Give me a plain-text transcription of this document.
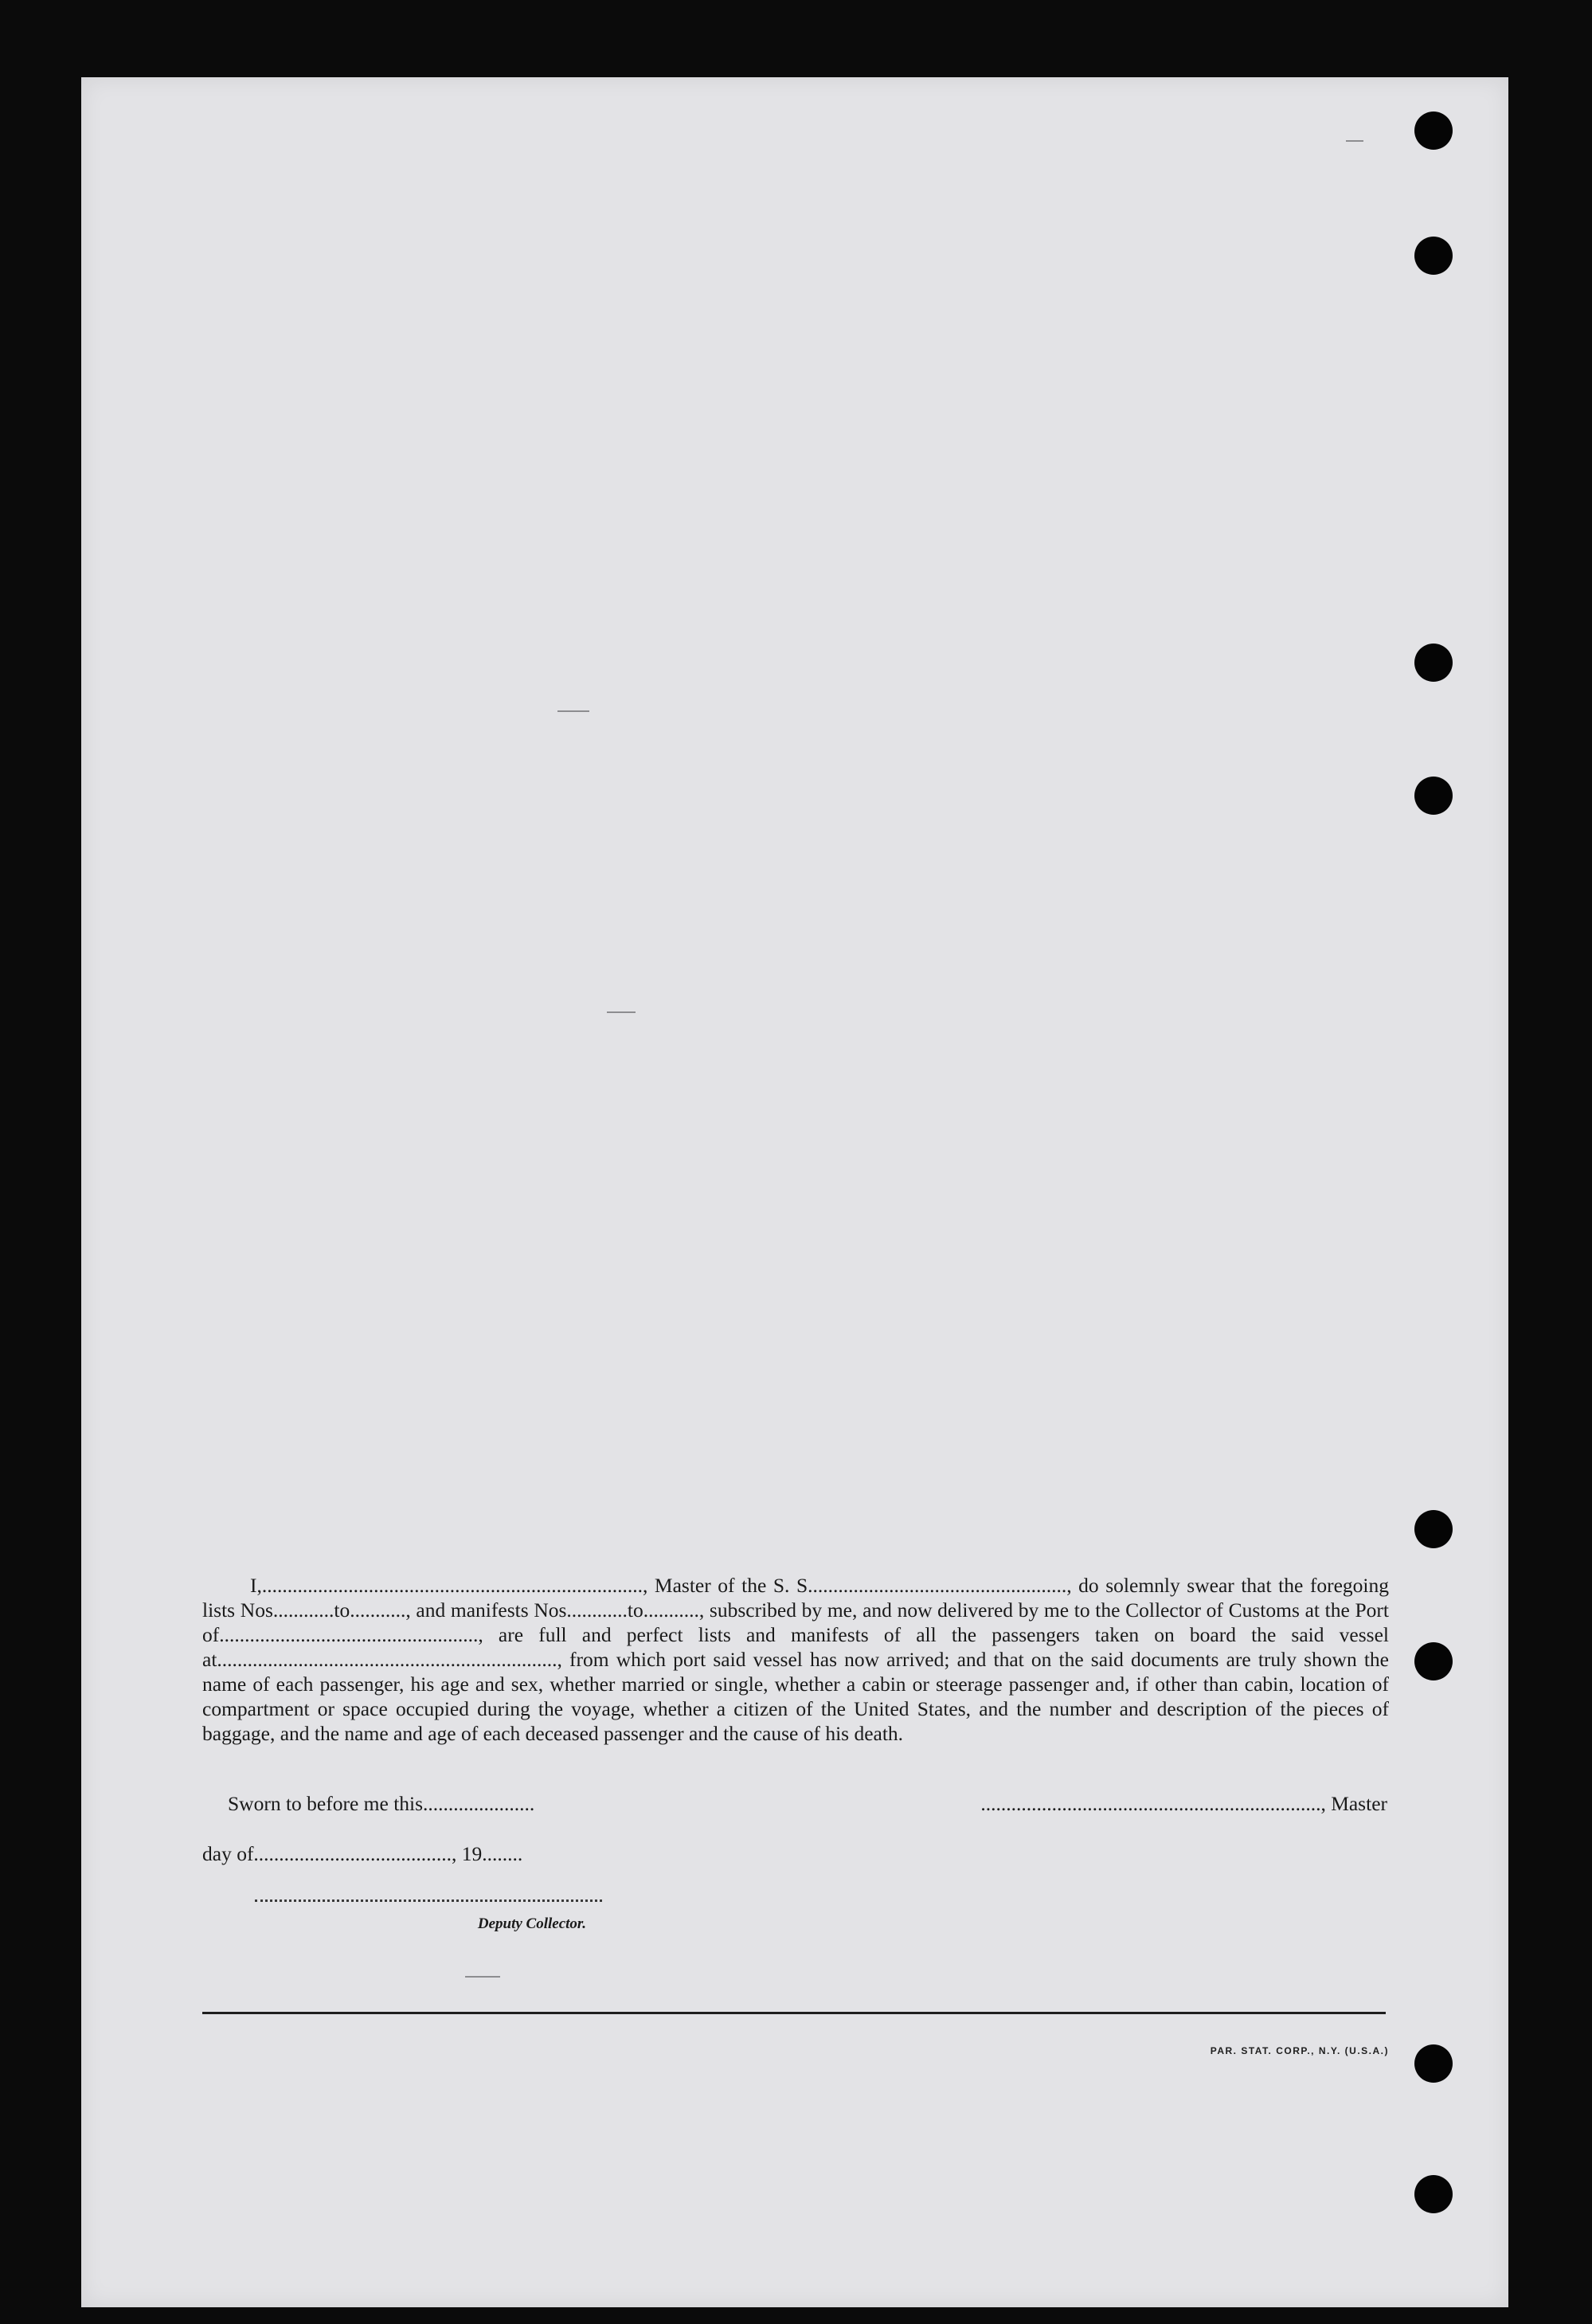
I,..........................................................................., Master of the S. S..................................................., do solemnly swear that the foregoing lists Nos............to..........., and manifests Nos............to..........., subscribed by me, and now delivered by me to the Collector of Customs at the Port of..................................................., are full and perfect lists and manifests of all the passengers taken on board the said vessel at..................................................................., from which port said vessel has now arrived; and that on the said documents are truly shown the name of each passenger, his age and sex, whether married or single, whether a cabin or steerage passenger and, if other than cabin, location of compartment or space occupied during the voyage, whether a citizen of the United States, and the number and description of the pieces of baggage, and the name and age of each deceased passenger and the cause of his death.

Sworn to before me this......................	..................................................................., Master
day of......................................., 19........
Deputy Collector.
PAR. STAT. CORP., N.Y. (U.S.A.)
